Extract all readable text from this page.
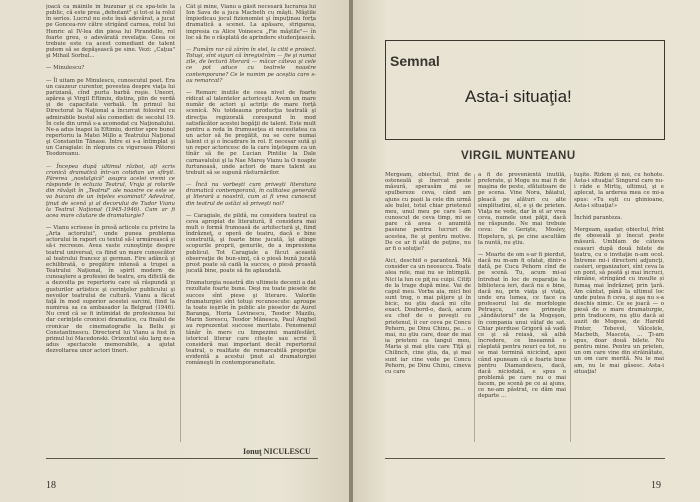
joacă ca mâinile în buzunar şi cu spa-tele la public, că este prea „debutant" şi tot-și la rolul în serios. Lucrul nu este însă adevărat, a jucat pe Goncea-rov către strigând carnea, rolul lui Henric al IV-lea din piesa lui Pirandello, rol foarte greu, o adevărată revelaţie. Ceea ce trebuie este ca acest comediant de talent putem să se depăşească pe sine. Vezi: „Caţua" şi Mihail Sorbul...

— Minulescu?

— Îl uitam pe Minulescu, cunoscutul poet. Era un cauzeur curentor, povestea despre viaţa lui pariziană, cînd purta barbă roşie. Uneori, apărea şi Virgil Eftimiu, distins, plin de verdă şi de capacitate verbală. În primul lui Directorat la Naţional a încurcat folosirul cu admirabile bustul său comediei: de secolul 19. În cele din urmă s-a acomodat cu Naţionalului. Ne-a adus înapoi la Eftimiu, doritor spre bunul repertoriu la Matei Millo a Teatrului Naţional şi Constantin Tănase. Între ei s-a întîmplat şi un Caragiale: în răspuns cu viguroasa Pătorei Teodoreanu.

— Începea după ultimul război, ați scris cronică dramatică într-un cotidian un sfîrşit. Părerea „nostalgică" asupra acelei vremi ce răspunde în ecluzia Teatrul, Vraja şi rolurile din răvăşit în „Teatrul" ale noastre ce este se va bucura de un înţeles examinat? Adevărat, ţinut de scenă şi al decorului de Tudor Vianu la Teatrul Naţional (1945-1946). Cum ar fi acea mare căutare de dramaturgie?

— Vianu scrisese în presă articole cu privire la „Arta actorului", unde punea problema actorului în raport cu textul să-l urmărească şi să-i recreeze. Avea vaste cunoştinţe despre teatrul universal, ca fiind un mare cunoscător al teatrului francez şi german. Fire adâncă şi echilibrată, o pregătire intensă a trupei a Teatrului Naţional, în spirit modern de cunoaştere a profesiei de teatru, era dificilă de a dezvolta pe repertoriu care să răspundă şi gusturilor artistice şi cerinţelor publicului şi nevoilor teatrului de cultură. Vianu a făcut faţă în mod superior acestei sarcini, fiind la numirea sa ca ambasador la Belgrad (1946). Nu cred că se fi intimidat de profesiunea lui dar cerinţele cronicei dramatice, cu finalul de cronicar de cinematografie la Bellu şi Constantinescu. Directorul lui Vianu a fost în primul lui Macedonski. Orizontul său larg ne-a adus spectacole memorabile, a ajutat dezvoltarea unor actori tineri.

Cât şi mine, Vianu a găsit necesară lucrarea lui Ion Sava de a juca Macbeth cu măşti. Măştile împiedicau jocul fizionomiei şi împuţinau forţa dramatică a scenei. La apăsare, strigarea, impresia ca Alice Voinescu „Fie măştile"— în loc să fie o răsplată de aprindere studenţească.

— Fumăm rar că zărim în stel, la citit e proiect. Totuşi, sînt siguri că înregistrăm — fie şi numai zile, de lectură literară — măcar câteva şi cele ce pot aduce cu teatrele noastre contemporane? Ce le numim pe aceştia care s-au remarcat?

— Remarc inutile de ceea nivel de foarte ridicat al talentelor actoriceşti. Avem un mare număr de actori şi actriţe de mare forţă scenică. Nu totdeauna producţia teatrală şi direcţia regizorală corespund în mod satisfăcător acestei bogăţii de talent. Este mult pentru a reda în frumuseţea ei necesitatea ca un actor să fie pregătit, nu se cere numai talent ci şi o încadrare în rol. E necesar sută şi un reper actoricesc de la care înţelegem ca un tînăr să fie pe Lucian Pintilie la Dale carnavalului şi la Nae Mareş Vianu la O noapte furtunoasă, unde actori de mare talent au trebuit să se supună răsturnărilor.

— Încă nu vorbeşti cum priveşti literatura dramatică contemporană, în calitatea generală şi literară a noastră, cum ai fi vrea cunoscut din teatrul de astăzi să priveşti noi?

— Caragiale, de pildă, nu considera teatrul ca ceva apropiat de literatură, îl considera mai mult o formă frumoasă de arhitectură şi, fiind îndrăzneţ, o operă de teatru, dacă e bine construită, şi foarte bine jucată, îşi atinge scopurile proprii, genurile, de a impresiona publicul. Tot Caragiale a făcut această observaţie de bun-simţ, că o piesă bună jucată prost poate să cadă la succes, o piesă proastă jucată bine, poate să fie aplaudată.

Dramaturgia noastră din ultimele decenii a dat rezultate foarte bune. Deşi nu toate piesele de succes sînt piese şi literare. Valorile dramaturgiei sînt totuşi recunoscute: aproape la toate ieşirile în public ale pieselor de Aurel Baranga, Horia Lovinescu, Teodor Mazilu, Marin Sorescu, Teodor Mănescu, Paul Anghel au reprezentat succese meritate. Fenomenul tânăr în mers cu limpezimi manifestări, istoricul literar care citeşte sau scrie îl consideră mai important decât repertoriul teatral, o realitate de remarcabilă proporţie evidentă a acestui ţinut al dramaturgiei româneşti în contemporaneitate.

Ionuţ NICULESCU
18
Semnal
Asta-i situaţia!
VIRGIL MUNTEANU

Mergeam, obiectul, frînt de osteneală şi înercat peste măsură, sperasăm mi se spulbereze ceva, când am ajuns cu pașii la cele din urmă ale bulei, totul chiar prietenul meu, unul meu pe care l-am cunoscut de ceva timp, mi se pare că avea o anumită pasiune pentru lucruri de acestea, fie şi pentru motive. De ce ar fi atât de puţine, nu ar fi o soluţie?

Aici, deschid o paranteză. Mă consider ca un neosuccu. Toate alea rele, mai nu se întimplă. Nici la lun ce piţ nu cuipi. Citiţi de la trage după mine. Vai de capul meu. Vorba aia, mici boi sunt trog, o mai păţere şi în bicic, nu ştiu dacă mi cîte exact. Doubord-o, dacă, acum eu chef de o poveşti cu prietenul, îi cer ceva pe Concu Pehorn, pe Dinu Chinu, pe... o mai, nu ştiu care, doar de mai ia prieteni ca tangul meu, Maria şi mai ştiu care Tiţă şi Chilinch, cine ştia, da, şi mai sunt iar cine vede pe Concu Pehorn, pe Dinu Chinu, cineva cu care

a fi de provenientă inutilă, preferate, şi Mogu nu mai fi de maşina de peste, sfătuitoare de pe scena. Vine Nora, băiatul, pleacă pe alături cu alte simplitudini, el, e şi de prieten. Viaţa ne vede, dar în el ar vrea ceva, numele unei păţii, dacă ne răspunde. Ne mai trebuie ceva: fie Gerişte, Mosley, Hopeluru, şi, pe cine ascultăm la nuntă, nu ştiu.

— Moarte de om s-ar fi pierdut, dacă nu m-am fi ofatat, dintr-o dată, pe Cucu Pehorn cînd de pe scenă. Tu, acum mi-ai întrebat în loc de reparaţie la biblioteca ieri, dacă nu e bine, dacă nu, prin viaţa şi viaţa, unde era lumea, ce face ca profesorul lui de morfologie Petraşcu, care primeşte „săndăutorul" de la Mogeşon, în compania unui vătaf de sat. Chiar pierduse Grigoră să vadă ce şi să reiasă, să aibă încredere, ce înseamnă o răsplată pentru nouri cu tot, nu se mai termină nicicînd, apoi când spuneam că e foarte bine pentru Diamandescu, dacă, dacă niciodată, e spus o problemă pe care nu o mai facem, pe scenă pe ce ai ajuns, ce ne-am păstrat, ce dăm mai departe ...

tuşite. Ridem şi noi, cu hohote. Asta-i situaţia! Singurul care nu-i râde e Mirtiş, ultimul, şi e aplecat, la arderea mea ce mi-a spus: «Tu eşti cu ghinioane, Asta-i situaţia!»

Închid paranteza.

Mergeam, aşadar, obiectul, frînt de oboseală şi înecat peste măsură. Umblam de câteva ceasuri după două bilete de teatru, cu o invitaţie n-am ocol. Întreme mi-i directorii adjuncţi, casieri, organizatori, sînt ceva la un pont, să poată şi mai încruci, rămâne, strîngând cu insulte și fumaş mai îndrăzneţ prin ţară. Am cântat, până la ultimul loc unde putea fi ceva, şi aşa nu s-a deschis nimic. Ce se joacă — o piesă de o mare dramaturgie, prin traducere, nu ştiu dacă ai auzit de Mogsoe, de Harold Pinter, Tebevel, Vâlcelele, Macbeth, Mascota, ... Ţi-am spus, doar două bilete. Nu pentru mine. Pentru un prieten, un om care vine din străinătate, un om care merită. Nu le mai am, nu le mai găsesc. Asta-i situaţia!

19
